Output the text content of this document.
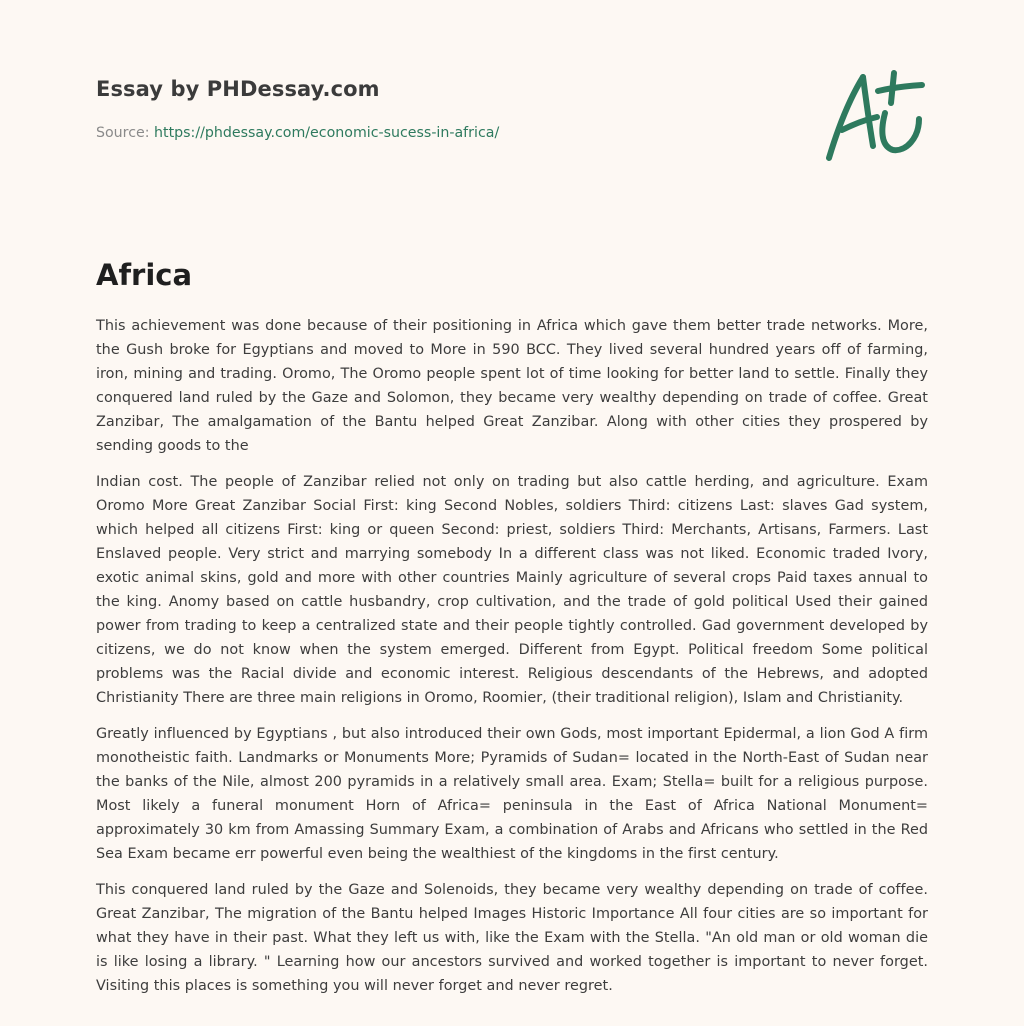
Essay by PHDessay.com
Source: https://phdessay.com/economic-sucess-in-africa/
Africa

This achievement was done because of their positioning in Africa which gave them better trade networks. More, the Gush broke for Egyptians and moved to More in 590 BCC. They lived several hundred years off of farming, iron, mining and trading. Oromo, The Oromo people spent lot of time looking for better land to settle. Finally they conquered land ruled by the Gaze and Solomon, they became very wealthy depending on trade of coffee. Great Zanzibar, The amalgamation of the Bantu helped Great Zanzibar. Along with other cities they prospered by sending goods to the

Indian cost. The people of Zanzibar relied not only on trading but also cattle herding, and agriculture. Exam Oromo More Great Zanzibar Social First: king Second Nobles, soldiers Third: citizens Last: slaves Gad system, which helped all citizens First: king or queen Second: priest, soldiers Third: Merchants, Artisans, Farmers. Last Enslaved people. Very strict and marrying somebody In a different class was not liked. Economic traded Ivory, exotic animal skins, gold and more with other countries Mainly agriculture of several crops Paid taxes annual to the king. Anomy based on cattle husbandry, crop cultivation, and the trade of gold political Used their gained power from trading to keep a centralized state and their people tightly controlled. Gad government developed by citizens, we do not know when the system emerged. Different from Egypt. Political freedom Some political problems was the Racial divide and economic interest. Religious descendants of the Hebrews, and adopted Christianity There are three main religions in Oromo, Roomier, (their traditional religion), Islam and Christianity.

Greatly influenced by Egyptians , but also introduced their own Gods, most important Epidermal, a lion God A firm monotheistic faith. Landmarks or Monuments More; Pyramids of Sudan= located in the North-East of Sudan near the banks of the Nile, almost 200 pyramids in a relatively small area. Exam; Stella= built for a religious purpose. Most likely a funeral monument Horn of Africa= peninsula in the East of Africa National Monument= approximately 30 km from Amassing Summary Exam, a combination of Arabs and Africans who settled in the Red Sea Exam became err powerful even being the wealthiest of the kingdoms in the first century.

This conquered land ruled by the Gaze and Solenoids, they became very wealthy depending on trade of coffee. Great Zanzibar, The migration of the Bantu helped Images Historic Importance All four cities are so important for what they have in their past. What they left us with, like the Exam with the Stella. "An old man or old woman die is like losing a library. " Learning how our ancestors survived and worked together is important to never forget. Visiting this places is something you will never forget and never regret.
